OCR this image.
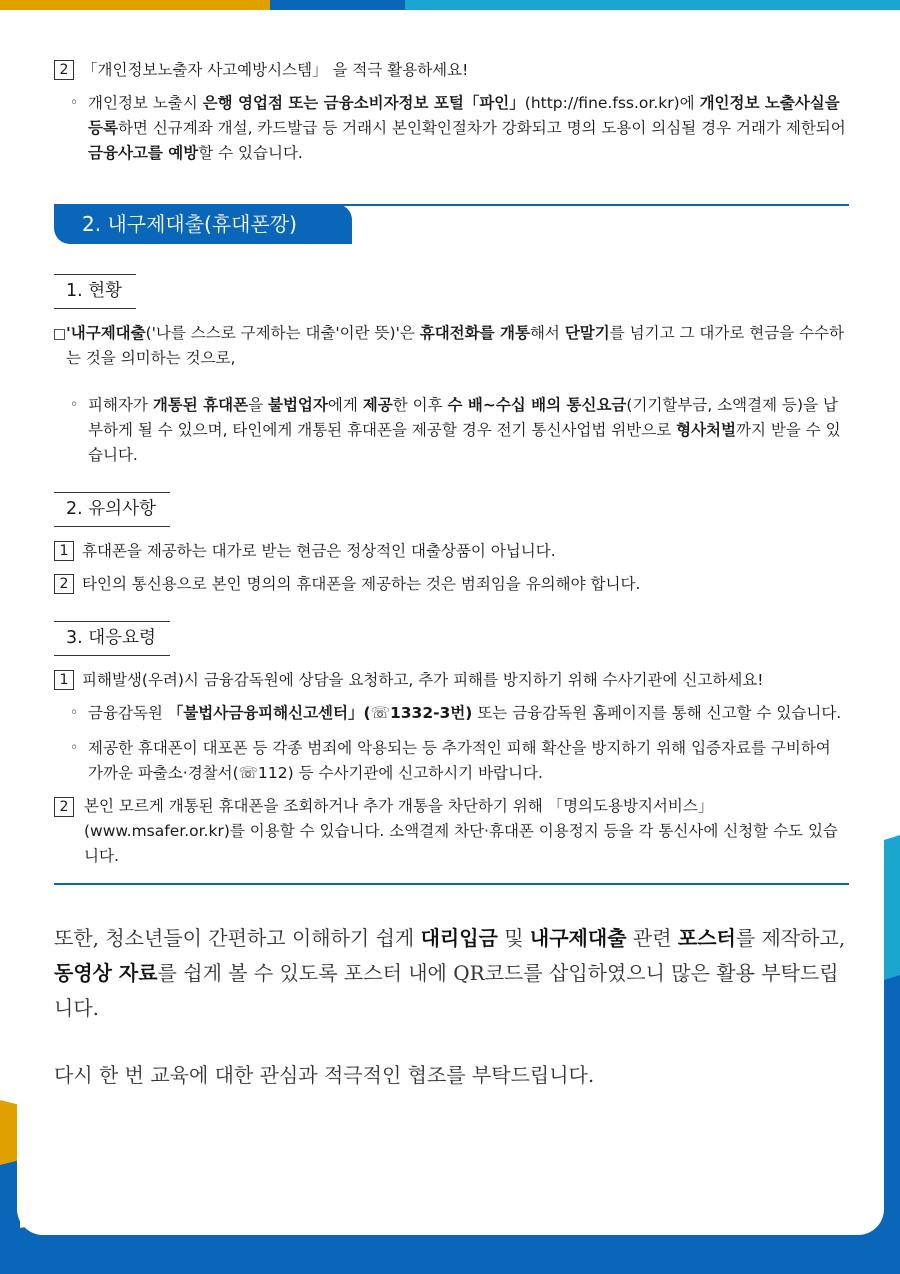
2 「개인정보노출자 사고예방시스템」 을 적극 활용하세요!
◦ 개인정보 노출시 은행 영업점 또는 금융소비자정보 포털「파인」(http://fine.fss.or.kr)에 개인정보 노출사실을 등록하면 신규계좌 개설, 카드발급 등 거래시 본인확인절차가 강화되고 명의 도용이 의심될 경우 거래가 제한되어 금융사고를 예방할 수 있습니다.
2. 내구제대출(휴대폰깡)
1. 현황
'내구제대출('나를 스스로 구제하는 대출'이란 뜻)'은 휴대전화를 개통해서 단말기를 넘기고 그 대가로 현금을 수수하는 것을 의미하는 것으로,
◦ 피해자가 개통된 휴대폰을 불법업자에게 제공한 이후 수 배~수십 배의 통신요금(기기할부금, 소액결제 등)을 납부하게 될 수 있으며, 타인에게 개통된 휴대폰을 제공할 경우 전기 통신사업법 위반으로 형사처벌까지 받을 수 있습니다.
2. 유의사항
1 휴대폰을 제공하는 대가로 받는 현금은 정상적인 대출상품이 아닙니다.
2 타인의 통신용으로 본인 명의의 휴대폰을 제공하는 것은 범죄임을 유의해야 합니다.
3. 대응요령
1 피해발생(우려)시 금융감독원에 상담을 요청하고, 추가 피해를 방지하기 위해 수사기관에 신고하세요!
◦ 금융감독원 「불법사금융피해신고센터」(☏1332-3번) 또는 금융감독원 홈페이지를 통해 신고할 수 있습니다.
◦ 제공한 휴대폰이 대포폰 등 각종 범죄에 악용되는 등 추가적인 피해 확산을 방지하기 위해 입증자료를 구비하여 가까운 파출소·경찰서(☏112) 등 수사기관에 신고하시기 바랍니다.
2	본인 모르게 개통된 휴대폰을 조회하거나 추가 개통을 차단하기 위해 「명의도용방지서비스」(www.msafer.or.kr)를 이용할 수 있습니다. 소액결제 차단·휴대폰 이용정지 등을 각 통신사에 신청할 수도 있습니다.
또한, 청소년들이 간편하고 이해하기 쉽게 대리입금 및 내구제대출 관련 포스터를 제작하고, 동영상 자료를 쉽게 볼 수 있도록 포스터 내에 QR코드를 삽입하였으니 많은 활용 부탁드립니다.
다시 한 번 교육에 대한 관심과 적극적인 협조를 부탁드립니다.
